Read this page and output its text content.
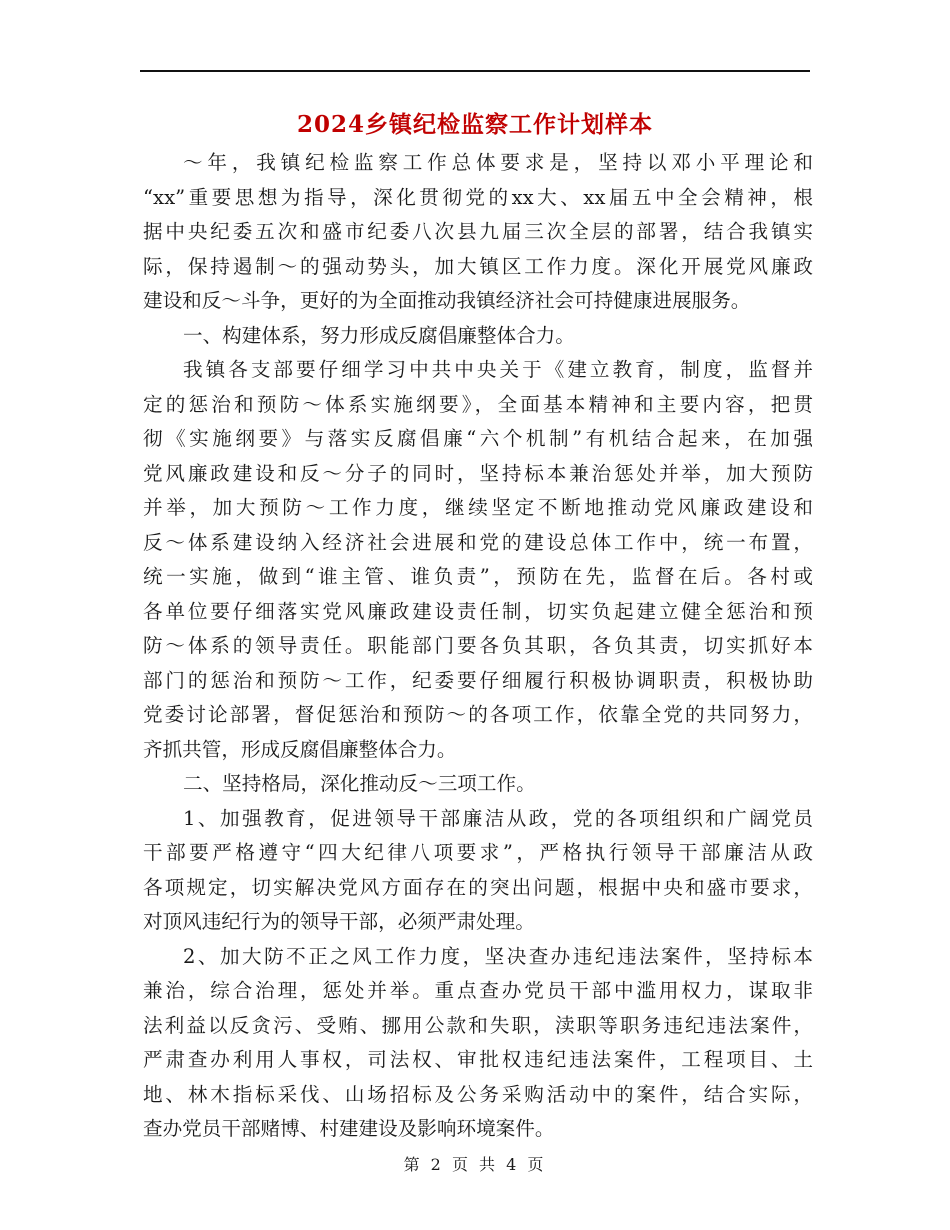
2024乡镇纪检监察工作计划样本
～年，我镇纪检监察工作总体要求是，坚持以邓小平理论和
“xx”重要思想为指导，深化贯彻党的xx大、xx届五中全会精神，根
据中央纪委五次和盛市纪委八次县九届三次全层的部署，结合我镇实
际，保持遏制～的强动势头，加大镇区工作力度。深化开展党风廉政
建设和反～斗争，更好的为全面推动我镇经济社会可持健康进展服务。
一、构建体系，努力形成反腐倡廉整体合力。
我镇各支部要仔细学习中共中央关于《建立教育，制度，监督并
定的惩治和预防～体系实施纲要》，全面基本精神和主要内容，把贯
彻《实施纲要》与落实反腐倡廉“六个机制”有机结合起来，在加强
党风廉政建设和反～分子的同时，坚持标本兼治惩处并举，加大预防
并举，加大预防～工作力度，继续坚定不断地推动党风廉政建设和
反～体系建设纳入经济社会进展和党的建设总体工作中，统一布置，
统一实施，做到“谁主管、谁负责”，预防在先，监督在后。各村或
各单位要仔细落实党风廉政建设责任制，切实负起建立健全惩治和预
防～体系的领导责任。职能部门要各负其职，各负其责，切实抓好本
部门的惩治和预防～工作，纪委要仔细履行积极协调职责，积极协助
党委讨论部署，督促惩治和预防～的各项工作，依靠全党的共同努力，
齐抓共管，形成反腐倡廉整体合力。
二、坚持格局，深化推动反～三项工作。
1、加强教育，促进领导干部廉洁从政，党的各项组织和广阔党员
干部要严格遵守“四大纪律八项要求”，严格执行领导干部廉洁从政
各项规定，切实解决党风方面存在的突出问题，根据中央和盛市要求，
对顶风违纪行为的领导干部，必须严肃处理。
2、加大防不正之风工作力度，坚决查办违纪违法案件，坚持标本
兼治，综合治理，惩处并举。重点查办党员干部中滥用权力，谋取非
法利益以反贪污、受贿、挪用公款和失职，渎职等职务违纪违法案件，
严肃查办利用人事权，司法权、审批权违纪违法案件，工程项目、土
地、林木指标采伐、山场招标及公务采购活动中的案件，结合实际，
查办党员干部赌博、村建建设及影响环境案件。
第 2 页 共 4 页
